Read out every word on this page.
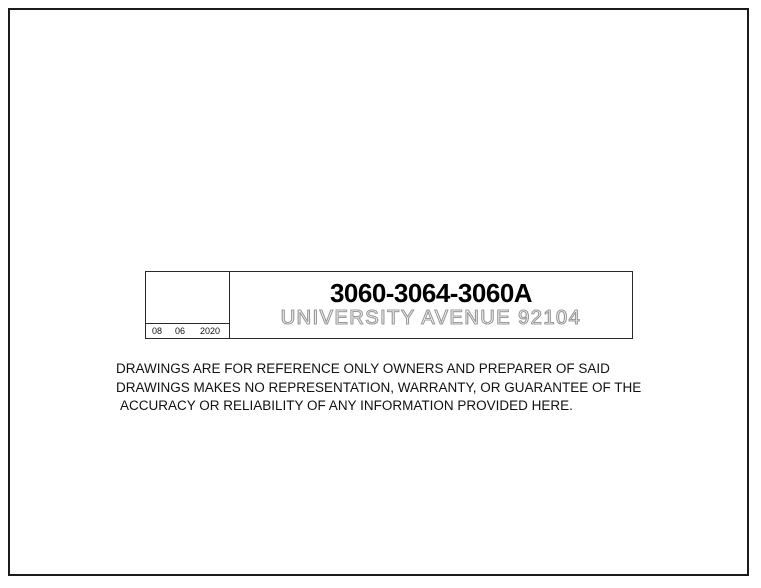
08	06	2020
3060-3064-3060A
UNIVERSITY AVENUE 92104
DRAWINGS ARE FOR REFERENCE ONLY OWNERS AND PREPARER OF SAID
DRAWINGS MAKES NO REPRESENTATION, WARRANTY, OR GUARANTEE OF THE
ACCURACY OR RELIABILITY OF ANY INFORMATION PROVIDED HERE.
